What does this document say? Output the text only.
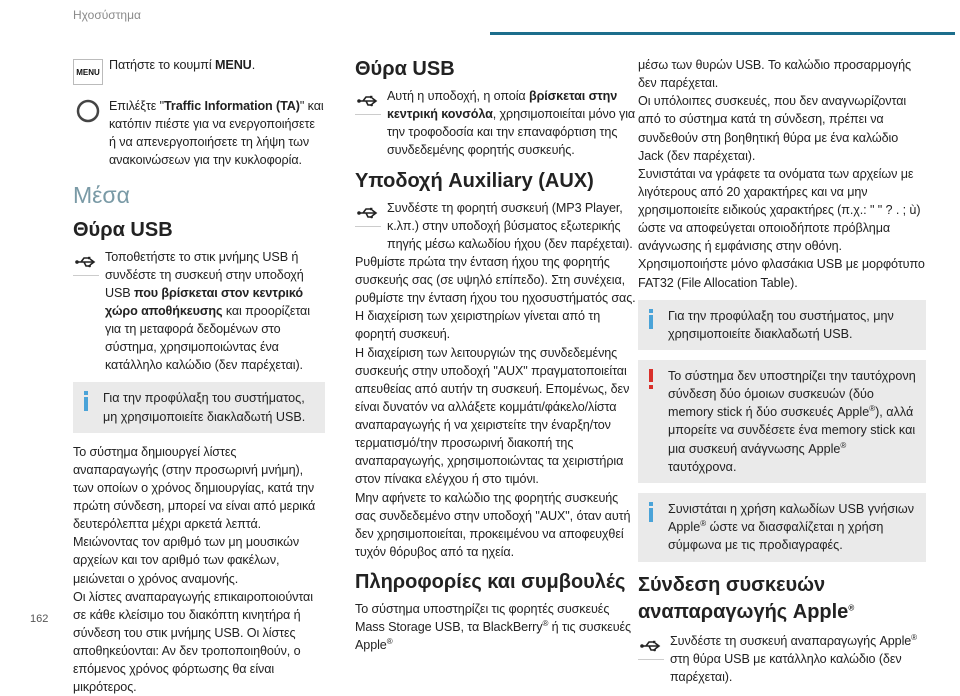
Ηχοσύστημα
MENU Πατήστε το κουμπί MENU.

Επιλέξτε "Traffic Information (TA)" και κατόπιν πιέστε για να ενεργοποιήσετε ή να απενεργοποιήσετε τη λήψη των ανακοινώσεων για την κυκλοφορία.

Μέσα
Θύρα USB

Τοποθετήστε το στικ μνήμης USB ή συνδέστε τη συσκευή στην υποδοχή USB που βρίσκεται στον κεντρικό χώρο αποθήκευσης και προορίζεται για τη μεταφορά δεδομένων στο σύστημα, χρησιμοποιώντας ένα κατάλληλο καλώδιο (δεν παρέχεται).

Για την προφύλαξη του συστήματος, μη χρησιμοποιείτε διακλαδωτή USB.

Το σύστημα δημιουργεί λίστες αναπαραγωγής (στην προσωρινή μνήμη), των οποίων ο χρόνος δημιουργίας, κατά την πρώτη σύνδεση, μπορεί να είναι από μερικά δευτερόλεπτα μέχρι αρκετά λεπτά.

Μειώνοντας τον αριθμό των μη μουσικών αρχείων και τον αριθμό των φακέλων, μειώνεται ο χρόνος αναμονής.

Οι λίστες αναπαραγωγής επικαιροποιούνται σε κάθε κλείσιμο του διακόπτη κινητήρα ή σύνδεση του στικ μνήμης USB. Οι λίστες αποθηκεύονται: Αν δεν τροποποιηθούν, ο επόμενος χρόνος φόρτωσης θα είναι μικρότερος.

Θύρα USB

Αυτή η υποδοχή, η οποία βρίσκεται στην κεντρική κονσόλα, χρησιμοποιείται μόνο για την τροφοδοσία και την επαναφόρτιση της συνδεδεμένης φορητής συσκευής.

Υποδοχή Auxiliary (AUX)

Συνδέστε τη φορητή συσκευή (MP3 Player, κ.λπ.) στην υποδοχή βύσματος εξωτερικής πηγής μέσω καλωδίου ήχου (δεν παρέχεται).

Ρυθμίστε πρώτα την ένταση ήχου της φορητής συσκευής σας (σε υψηλό επίπεδο). Στη συνέχεια, ρυθμίστε την ένταση ήχου του ηχοσυστήματός σας.

Η διαχείριση των χειριστηρίων γίνεται από τη φορητή συσκευή.

Η διαχείριση των λειτουργιών της συνδεδεμένης συσκευής στην υποδοχή "AUX" πραγματοποιείται απευθείας από αυτήν τη συσκευή. Επομένως, δεν είναι δυνατόν να αλλάξετε κομμάτι/φάκελο/λίστα αναπαραγωγής ή να χειριστείτε την έναρξη/τον τερματισμό/την προσωρινή διακοπή της αναπαραγωγής, χρησιμοποιώντας τα χειριστήρια στον πίνακα ελέγχου ή στο τιμόνι.

Μην αφήνετε το καλώδιο της φορητής συσκευής σας συνδεδεμένο στην υποδοχή "AUX", όταν αυτή δεν χρησιμοποιείται, προκειμένου να αποφευχθεί τυχόν θόρυβος από τα ηχεία.

Πληροφορίες και συμβουλές

Το σύστημα υποστηρίζει τις φορητές συσκευές Mass Storage USB, τα BlackBerry® ή τις συσκευές Apple®

μέσω των θυρών USB. Το καλώδιο προσαρμογής δεν παρέχεται.

Οι υπόλοιπες συσκευές, που δεν αναγνωρίζονται από το σύστημα κατά τη σύνδεση, πρέπει να συνδεθούν στη βοηθητική θύρα με ένα καλώδιο Jack (δεν παρέχεται).

Συνιστάται να γράφετε τα ονόματα των αρχείων με λιγότερους από 20 χαρακτήρες και να μην χρησιμοποιείτε ειδικούς χαρακτήρες (π.χ.: " " ? . ; ù) ώστε να αποφεύγεται οποιοδήποτε πρόβλημα ανάγνωσης ή εμφάνισης στην οθόνη.

Χρησιμοποιήστε μόνο φλασάκια USB με μορφότυπο FAT32 (File Allocation Table).

Για την προφύλαξη του συστήματος, μην χρησιμοποιείτε διακλαδωτή USB.
Το σύστημα δεν υποστηρίζει την ταυτόχρονη σύνδεση δύο όμοιων συσκευών (δύο memory stick ή δύο συσκευές Apple®), αλλά μπορείτε να συνδέσετε ένα memory stick και μια συσκευή ανάγνωσης Apple® ταυτόχρονα.
Συνιστάται η χρήση καλωδίων USB γνήσιων Apple® ώστε να διασφαλίζεται η χρήση σύμφωνα με τις προδιαγραφές.
Σύνδεση συσκευών αναπαραγωγής Apple®

Συνδέστε τη συσκευή αναπαραγωγής Apple® στη θύρα USB με κατάλληλο καλώδιο (δεν παρέχεται).

162
